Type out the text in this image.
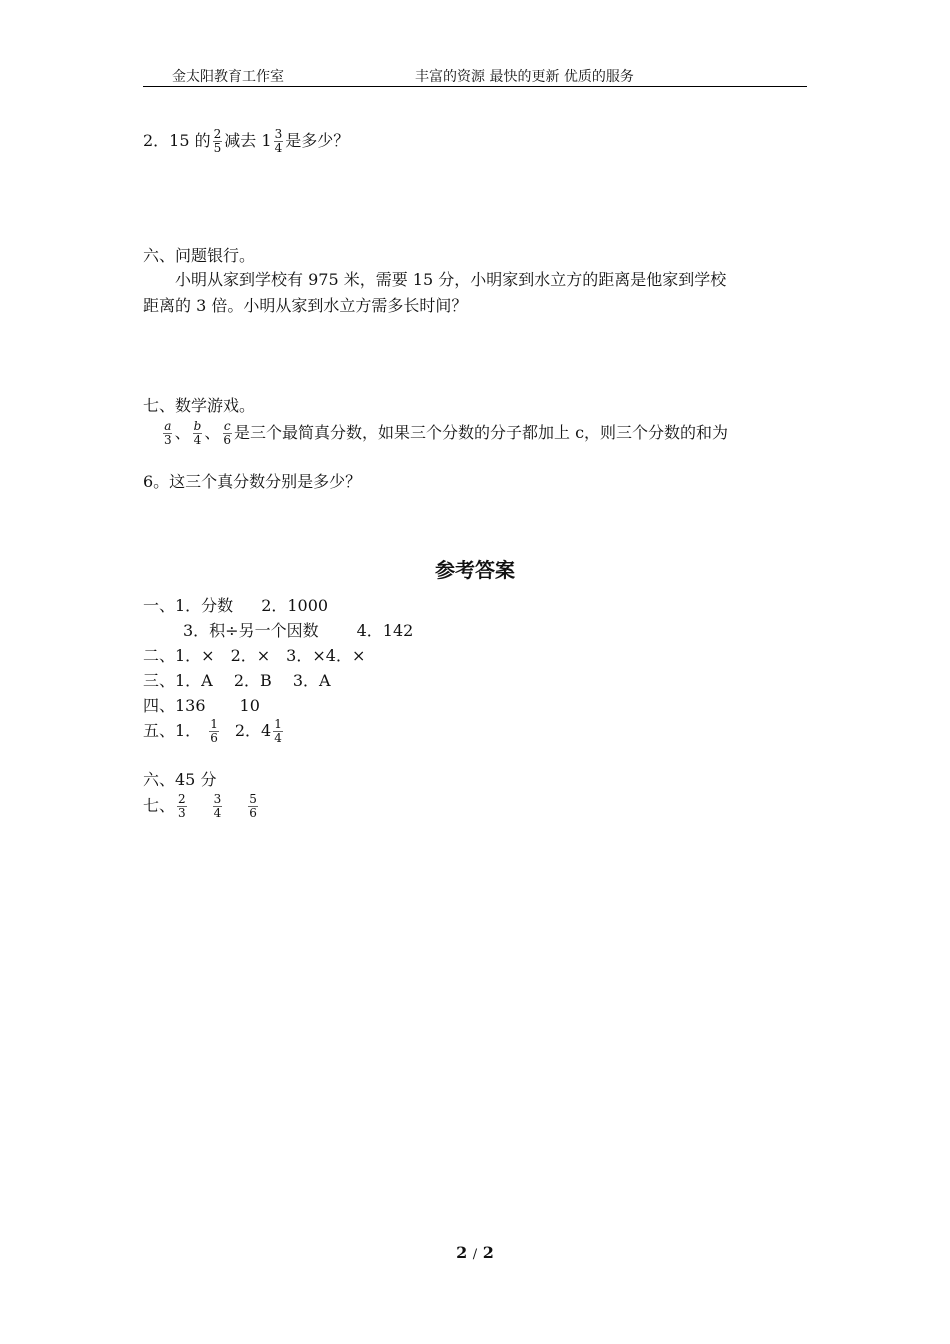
金太阳教育工作室	丰富的资源 最快的更新 优质的服务
2．15 的 $\frac{2}{5}$ 减去 $1 \frac{3}{4}$ 是多少？
六、问题银行。
小明从家到学校有 975 米，需要 15 分，小明家到水立方的距离是他家到学校
距离的 3 倍。小明从家到水立方需多长时间？
七、数学游戏。
$\frac{a}{3}$ 、 $\frac{b}{4}$ 、 $\frac{c}{6}$ 是三个最简真分数，如果三个分数的分子都加上 c，则三个分数的和为
6。这三个真分数分别是多少？
参考答案
一、1．分数 2．1000
3．积÷另一个因数 4．142
二、1．×　2．×　3．×4．×
三、1．A　 2．B　 3．A
四、136 10
五、1． $\frac{1}{6} 2$．$4 \frac{1}{4}$
六、45 分
七、 $\frac{2}{3} \frac{3}{4} \frac{5}{6}$
2 / 2
